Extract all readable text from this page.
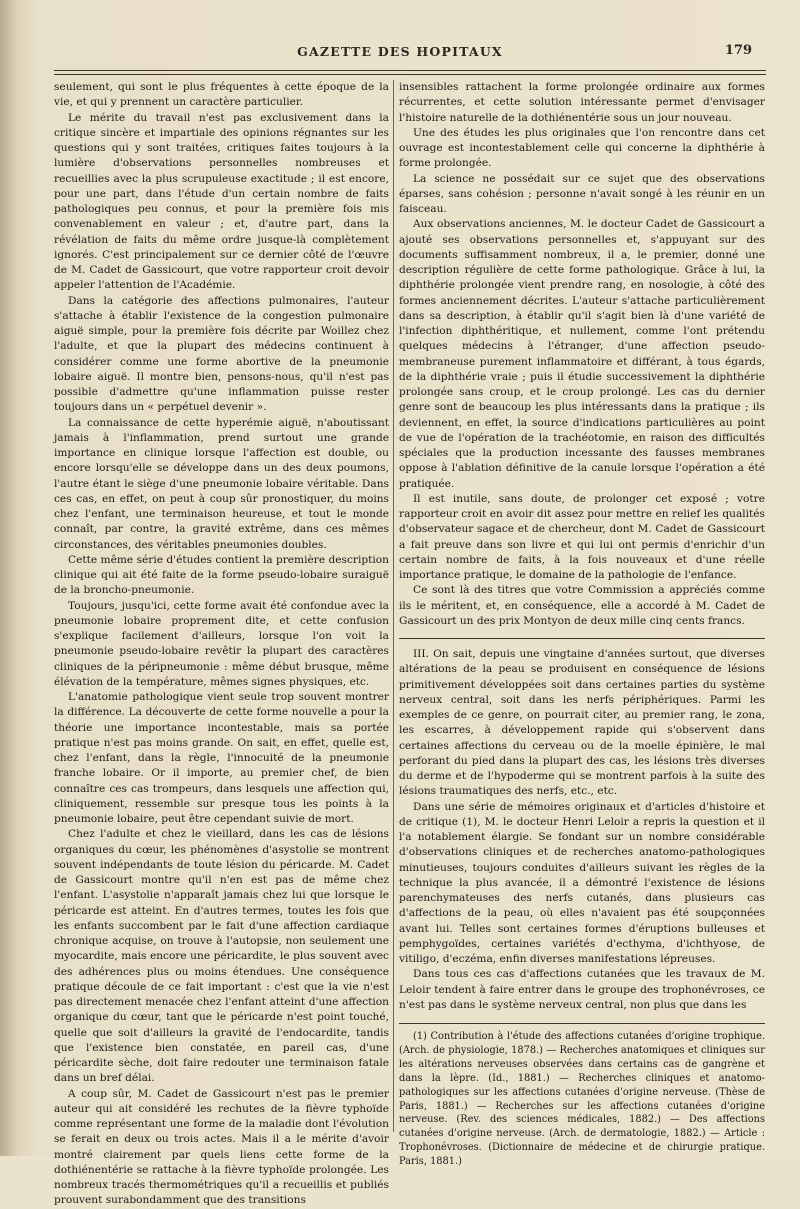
GAZETTE DES HOPITAUX	179

seulement, qui sont le plus fréquentes à cette époque de la vie, et qui y prennent un caractère particulier.

Le mérite du travail n'est pas exclusivement dans la critique sincère et impartiale des opinions régnantes sur les questions qui y sont traitées, critiques faites toujours à la lumière d'observations personnelles nombreuses et recueillies avec la plus scrupuleuse exactitude ; il est encore, pour une part, dans l'étude d'un certain nombre de faits pathologiques peu connus, et pour la première fois mis convenablement en valeur ; et, d'autre part, dans la révélation de faits du même ordre jusque-là complètement ignorés. C'est principalement sur ce dernier côté de l'œuvre de M. Cadet de Gassicourt, que votre rapporteur croit devoir appeler l'attention de l'Académie.

Dans la catégorie des affections pulmonaires, l'auteur s'attache à établir l'existence de la congestion pulmonaire aiguë simple, pour la première fois décrite par Woillez chez l'adulte, et que la plupart des médecins continuent à considérer comme une forme abortive de la pneumonie lobaire aiguë. Il montre bien, pensons-nous, qu'il n'est pas possible d'admettre qu'une inflammation puisse rester toujours dans un « perpétuel devenir ».

La connaissance de cette hyperémie aiguë, n'aboutissant jamais à l'inflammation, prend surtout une grande importance en clinique lorsque l'affection est double, ou encore lorsqu'elle se développe dans un des deux poumons, l'autre étant le siège d'une pneumonie lobaire véritable. Dans ces cas, en effet, on peut à coup sûr pronostiquer, du moins chez l'enfant, une terminaison heureuse, et tout le monde connaît, par contre, la gravité extrême, dans ces mêmes circonstances, des véritables pneumonies doubles.

Cette même série d'études contient la première description clinique qui ait été faite de la forme pseudo-lobaire suraiguë de la broncho-pneumonie.

Toujours, jusqu'ici, cette forme avait été confondue avec la pneumonie lobaire proprement dite, et cette confusion s'explique facilement d'ailleurs, lorsque l'on voit la pneumonie pseudo-lobaire revêtir la plupart des caractères cliniques de la péripneumonie : même début brusque, même élévation de la température, mêmes signes physiques, etc.

L'anatomie pathologique vient seule trop souvent montrer la différence. La découverte de cette forme nouvelle a pour la théorie une importance incontestable, mais sa portée pratique n'est pas moins grande. On sait, en effet, quelle est, chez l'enfant, dans la règle, l'innocuité de la pneumonie franche lobaire. Or il importe, au premier chef, de bien connaître ces cas trompeurs, dans lesquels une affection qui, cliniquement, ressemble sur presque tous les points à la pneumonie lobaire, peut être cependant suivie de mort.

Chez l'adulte et chez le vieillard, dans les cas de lésions organiques du cœur, les phénomènes d'asystolie se montrent souvent indépendants de toute lésion du péricarde. M. Cadet de Gassicourt montre qu'il n'en est pas de même chez l'enfant. L'asystolie n'apparaît jamais chez lui que lorsque le péricarde est atteint. En d'autres termes, toutes les fois que les enfants succombent par le fait d'une affection cardiaque chronique acquise, on trouve à l'autopsie, non seulement une myocardite, mais encore une péricardite, le plus souvent avec des adhérences plus ou moins étendues. Une conséquence pratique découle de ce fait important : c'est que la vie n'est pas directement menacée chez l'enfant atteint d'une affection organique du cœur, tant que le péricarde n'est point touché, quelle que soit d'ailleurs la gravité de l'endocardite, tandis que l'existence bien constatée, en pareil cas, d'une péricardite sèche, doit faire redouter une terminaison fatale dans un bref délai.

A coup sûr, M. Cadet de Gassicourt n'est pas le premier auteur qui ait considéré les rechutes de la fièvre typhoïde comme représentant une forme de la maladie dont l'évolution se ferait en deux ou trois actes. Mais il a le mérite d'avoir montré clairement par quels liens cette forme de la dothiénentérie se rattache à la fièvre typhoïde prolongée. Les nombreux tracés thermométriques qu'il a recueillis et publiés prouvent surabondamment que des transitions

insensibles rattachent la forme prolongée ordinaire aux formes récurrentes, et cette solution intéressante permet d'envisager l'histoire naturelle de la dothiénentérie sous un jour nouveau.

Une des études les plus originales que l'on rencontre dans cet ouvrage est incontestablement celle qui concerne la diphthérie à forme prolongée.

La science ne possédait sur ce sujet que des observations éparses, sans cohésion ; personne n'avait songé à les réunir en un faisceau.

Aux observations anciennes, M. le docteur Cadet de Gassicourt a ajouté ses observations personnelles et, s'appuyant sur des documents suffisamment nombreux, il a, le premier, donné une description régulière de cette forme pathologique. Grâce à lui, la diphthérie prolongée vient prendre rang, en nosologie, à côté des formes anciennement décrites. L'auteur s'attache particulièrement dans sa description, à établir qu'il s'agit bien là d'une variété de l'infection diphthéritique, et nullement, comme l'ont prétendu quelques médecins à l'étranger, d'une affection pseudo-membraneuse purement inflammatoire et différant, à tous égards, de la diphthérie vraie ; puis il étudie successivement la diphthérie prolongée sans croup, et le croup prolongé. Les cas du dernier genre sont de beaucoup les plus intéressants dans la pratique ; ils deviennent, en effet, la source d'indications particulières au point de vue de l'opération de la trachéotomie, en raison des difficultés spéciales que la production incessante des fausses membranes oppose à l'ablation définitive de la canule lorsque l'opération a été pratiquée.

Il est inutile, sans doute, de prolonger cet exposé ; votre rapporteur croit en avoir dit assez pour mettre en relief les qualités d'observateur sagace et de chercheur, dont M. Cadet de Gassicourt a fait preuve dans son livre et qui lui ont permis d'enrichir d'un certain nombre de faits, à la fois nouveaux et d'une réelle importance pratique, le domaine de la pathologie de l'enfance.

Ce sont là des titres que votre Commission a appréciés comme ils le méritent, et, en conséquence, elle a accordé à M. Cadet de Gassicourt un des prix Montyon de deux mille cinq cents francs.

III. On sait, depuis une vingtaine d'années surtout, que diverses altérations de la peau se produisent en conséquence de lésions primitivement développées soit dans certaines parties du système nerveux central, soit dans les nerfs périphériques. Parmi les exemples de ce genre, on pourrait citer, au premier rang, le zona, les escarres, à développement rapide qui s'observent dans certaines affections du cerveau ou de la moelle épinière, le mal perforant du pied dans la plupart des cas, les lésions très diverses du derme et de l'hypoderme qui se montrent parfois à la suite des lésions traumatiques des nerfs, etc., etc.

Dans une série de mémoires originaux et d'articles d'histoire et de critique (1), M. le docteur Henri Leloir a repris la question et il l'a notablement élargie. Se fondant sur un nombre considérable d'observations cliniques et de recherches anatomo-pathologiques minutieuses, toujours conduites d'ailleurs suivant les règles de la technique la plus avancée, il a démontré l'existence de lésions parenchymateuses des nerfs cutanés, dans plusieurs cas d'affections de la peau, où elles n'avaient pas été soupçonnées avant lui. Telles sont certaines formes d'éruptions bulleuses et pemphygoïdes, certaines variétés d'ecthyma, d'ichthyose, de vitiligo, d'eczéma, enfin diverses manifestations lépreuses.

Dans tous ces cas d'affections cutanées que les travaux de M. Leloir tendent à faire entrer dans le groupe des trophonévroses, ce n'est pas dans le système nerveux central, non plus que dans les

(1) Contribution à l'étude des affections cutanées d'origine trophique. (Arch. de physiologie, 1878.) — Recherches anatomiques et cliniques sur les altérations nerveuses observées dans certains cas de gangrène et dans la lèpre. (Id., 1881.) — Recherches cliniques et anatomo-pathologiques sur les affections cutanées d'origine nerveuse. (Thèse de Paris, 1881.) — Recherches sur les affections cutanées d'origine nerveuse. (Rev. des sciences médicales, 1882.) — Des affections cutanées d'origine nerveuse. (Arch. de dermatologie, 1882.) — Article : Trophonévroses. (Dictionnaire de médecine et de chirurgie pratique. Paris, 1881.)
